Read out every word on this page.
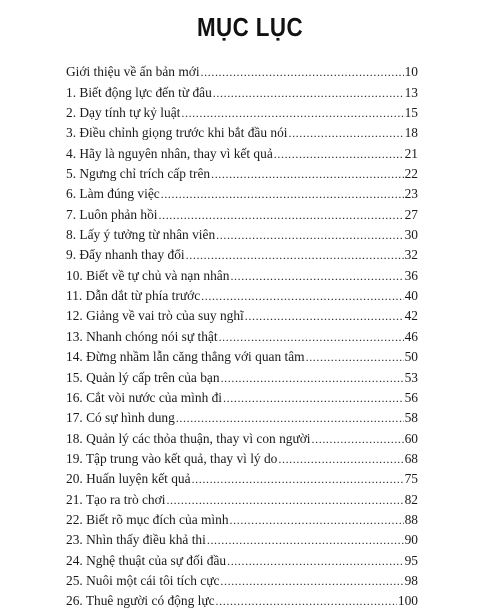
MỤC LỤC
Giới thiệu về ấn bản mới .....	10
1. Biết động lực đến từ đâu .....	13
2. Dạy tính tự kỷ luật .....	15
3. Điều chỉnh giọng trước khi bắt đầu nói .....	18
4. Hãy là nguyên nhân, thay vì kết quả .....	21
5. Ngưng chỉ trích cấp trên .....	22
6. Làm đúng việc .....	23
7. Luôn phản hồi .....	27
8. Lấy ý tưởng từ nhân viên .....	30
9. Đẩy nhanh thay đổi .....	32
10. Biết về tự chủ và nạn nhân .....	36
11. Dẫn dắt từ phía trước .....	40
12. Giảng về vai trò của suy nghĩ .....	42
13. Nhanh chóng nói sự thật .....	46
14. Đừng nhầm lẫn căng thẳng với quan tâm .....	50
15. Quản lý cấp trên của bạn .....	53
16. Cắt vòi nước của mình đi .....	56
17. Có sự hình dung .....	58
18. Quản lý các thỏa thuận, thay vì con người .....	60
19. Tập trung vào kết quả, thay vì lý do .....	68
20. Huấn luyện kết quả .....	75
21. Tạo ra trò chơi .....	82
22. Biết rõ mục đích của mình .....	88
23. Nhìn thấy điều khả thi .....	90
24. Nghệ thuật của sự đối đầu .....	95
25. Nuôi một cái tôi tích cực .....	98
26. Thuê người có động lực .....	100
